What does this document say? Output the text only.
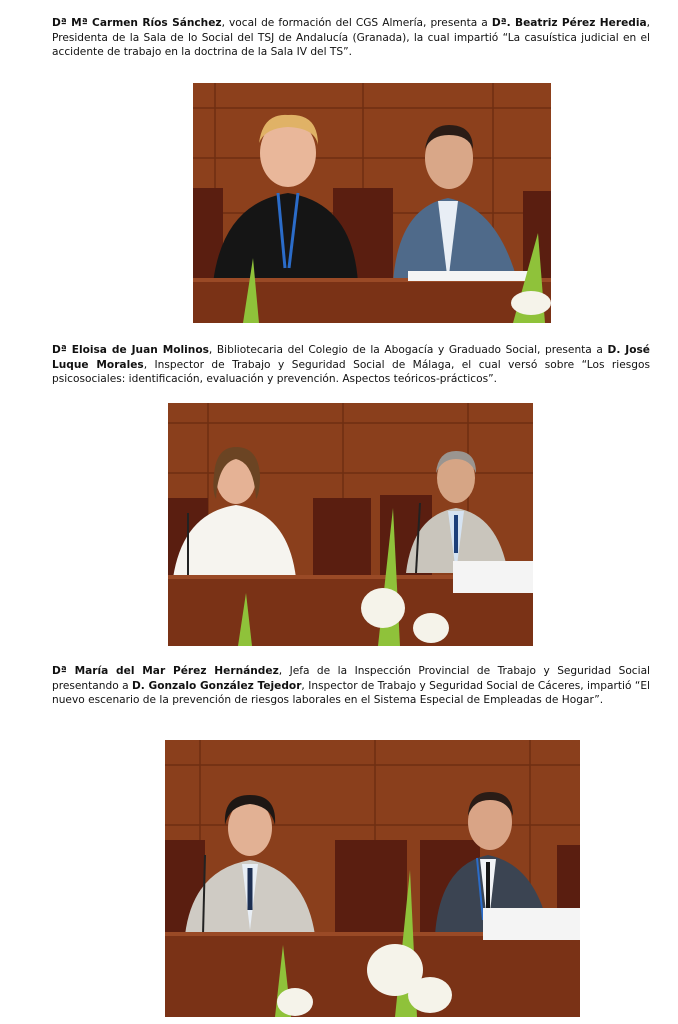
Dª Mª Carmen Ríos Sánchez, vocal de formación del CGS Almería, presenta a Dª. Beatriz Pérez Heredia, Presidenta de la Sala de lo Social del TSJ de Andalucía (Granada), la cual impartió “La casuística judicial en el accidente de trabajo en la doctrina de la Sala IV del TS”.

Dª Eloisa de Juan Molinos, Bibliotecaria del Colegio de la Abogacía y Graduado Social, presenta a D. José Luque Morales, Inspector de Trabajo y Seguridad Social de Málaga, el cual versó sobre “Los riesgos psicosociales: identificación, evaluación y prevención. Aspectos teóricos-prácticos”.

Dª María del Mar Pérez Hernández, Jefa de la Inspección Provincial de Trabajo y Seguridad Social presentando a D. Gonzalo González Tejedor, Inspector de Trabajo y Seguridad Social de Cáceres, impartió “El nuevo escenario de la prevención de riesgos laborales en el Sistema Especial de Empleadas de Hogar”.
